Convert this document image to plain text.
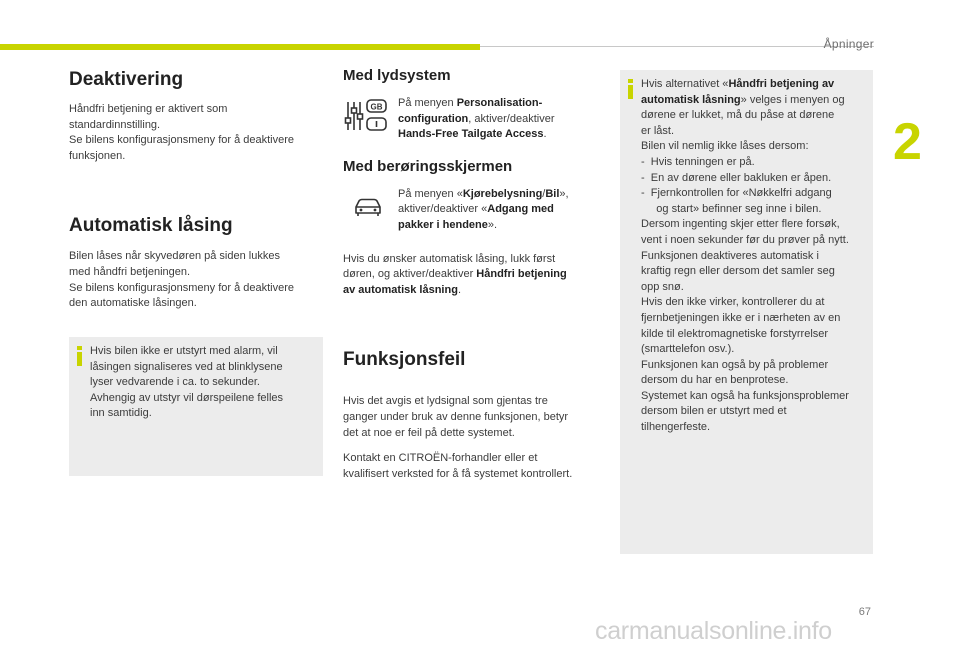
Åpninger
2
Deaktivering

Håndfri betjening er aktivert som
standardinnstilling.
Se bilens konfigurasjonsmeny for å deaktivere
funksjonen.

Automatisk låsing

Bilen låses når skyvedøren på siden lukkes
med håndfri betjeningen.
Se bilens konfigurasjonsmeny for å deaktivere
den automatiske låsingen.

Hvis bilen ikke er utstyrt med alarm, vil
låsingen signaliseres ved at blinklysene
lyser vedvarende i ca. to sekunder.
Avhengig av utstyr vil dørspeilene felles
inn samtidig.

Med lydsystem
GB På menyen Personalisation-
configuration, aktiver/deaktiver
Hands-Free Tailgate Access.

Med berøringsskjermen

På menyen «Kjørebelysning/Bil»,
aktiver/deaktiver «Adgang med
pakker i hendene».

Hvis du ønsker automatisk låsing, lukk først
døren, og aktiver/deaktiver Håndfri betjening
av automatisk låsning.

Funksjonsfeil

Hvis det avgis et lydsignal som gjentas tre
ganger under bruk av denne funksjonen, betyr
det at noe er feil på dette systemet.

Kontakt en CITROËN-forhandler eller et
kvalifisert verksted for å få systemet kontrollert.

Hvis alternativet «Håndfri betjening av
automatisk låsning» velges i menyen og
dørene er lukket, må du påse at dørene
er låst.
Bilen vil nemlig ikke låses dersom:

-  Hvis tenningen er på.

-  En av dørene eller bakluken er åpen.

-  Fjernkontrollen for «Nøkkelfri adgang
og start» befinner seg inne i bilen.

Dersom ingenting skjer etter flere forsøk,
vent i noen sekunder før du prøver på nytt.
Funksjonen deaktiveres automatisk i
kraftig regn eller dersom det samler seg
opp snø.
Hvis den ikke virker, kontrollerer du at
fjernbetjeningen ikke er i nærheten av en
kilde til elektromagnetiske forstyrrelser
(smarttelefon osv.).
Funksjonen kan også by på problemer
dersom du har en benprotese.
Systemet kan også ha funksjonsproblemer
dersom bilen er utstyrt med et
tilhengerfeste.

67
carmanualsonline.info
